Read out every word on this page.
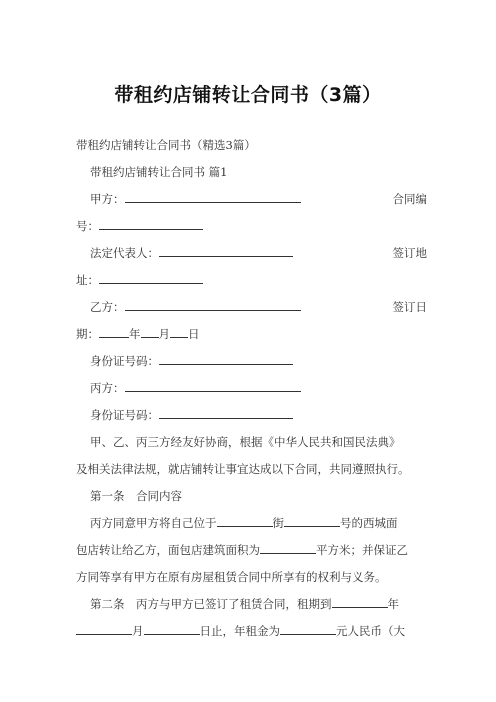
带租约店铺转让合同书（3篇）
带租约店铺转让合同书（精选3篇）
带租约店铺转让合同书 篇1
甲方：	合同编
号：
法定代表人：	签订地
址：
乙方：	签订日
期：	年 月 日
身份证号码：
丙方：
身份证号码：
甲、乙、丙三方经友好协商，根据《中华人民共和国民法典》
及相关法律法规，就店铺转让事宜达成以下合同，共同遵照执行。
第一条　合同内容
丙方同意甲方将自己位于	街	号的西城面
包店转让给乙方，面包店建筑面积为	平方米；并保证乙
方同等享有甲方在原有房屋租赁合同中所享有的权利与义务。
第二条　丙方与甲方已签订了租赁合同，租期到	年
月	日止，年租金为	元人民币（大
